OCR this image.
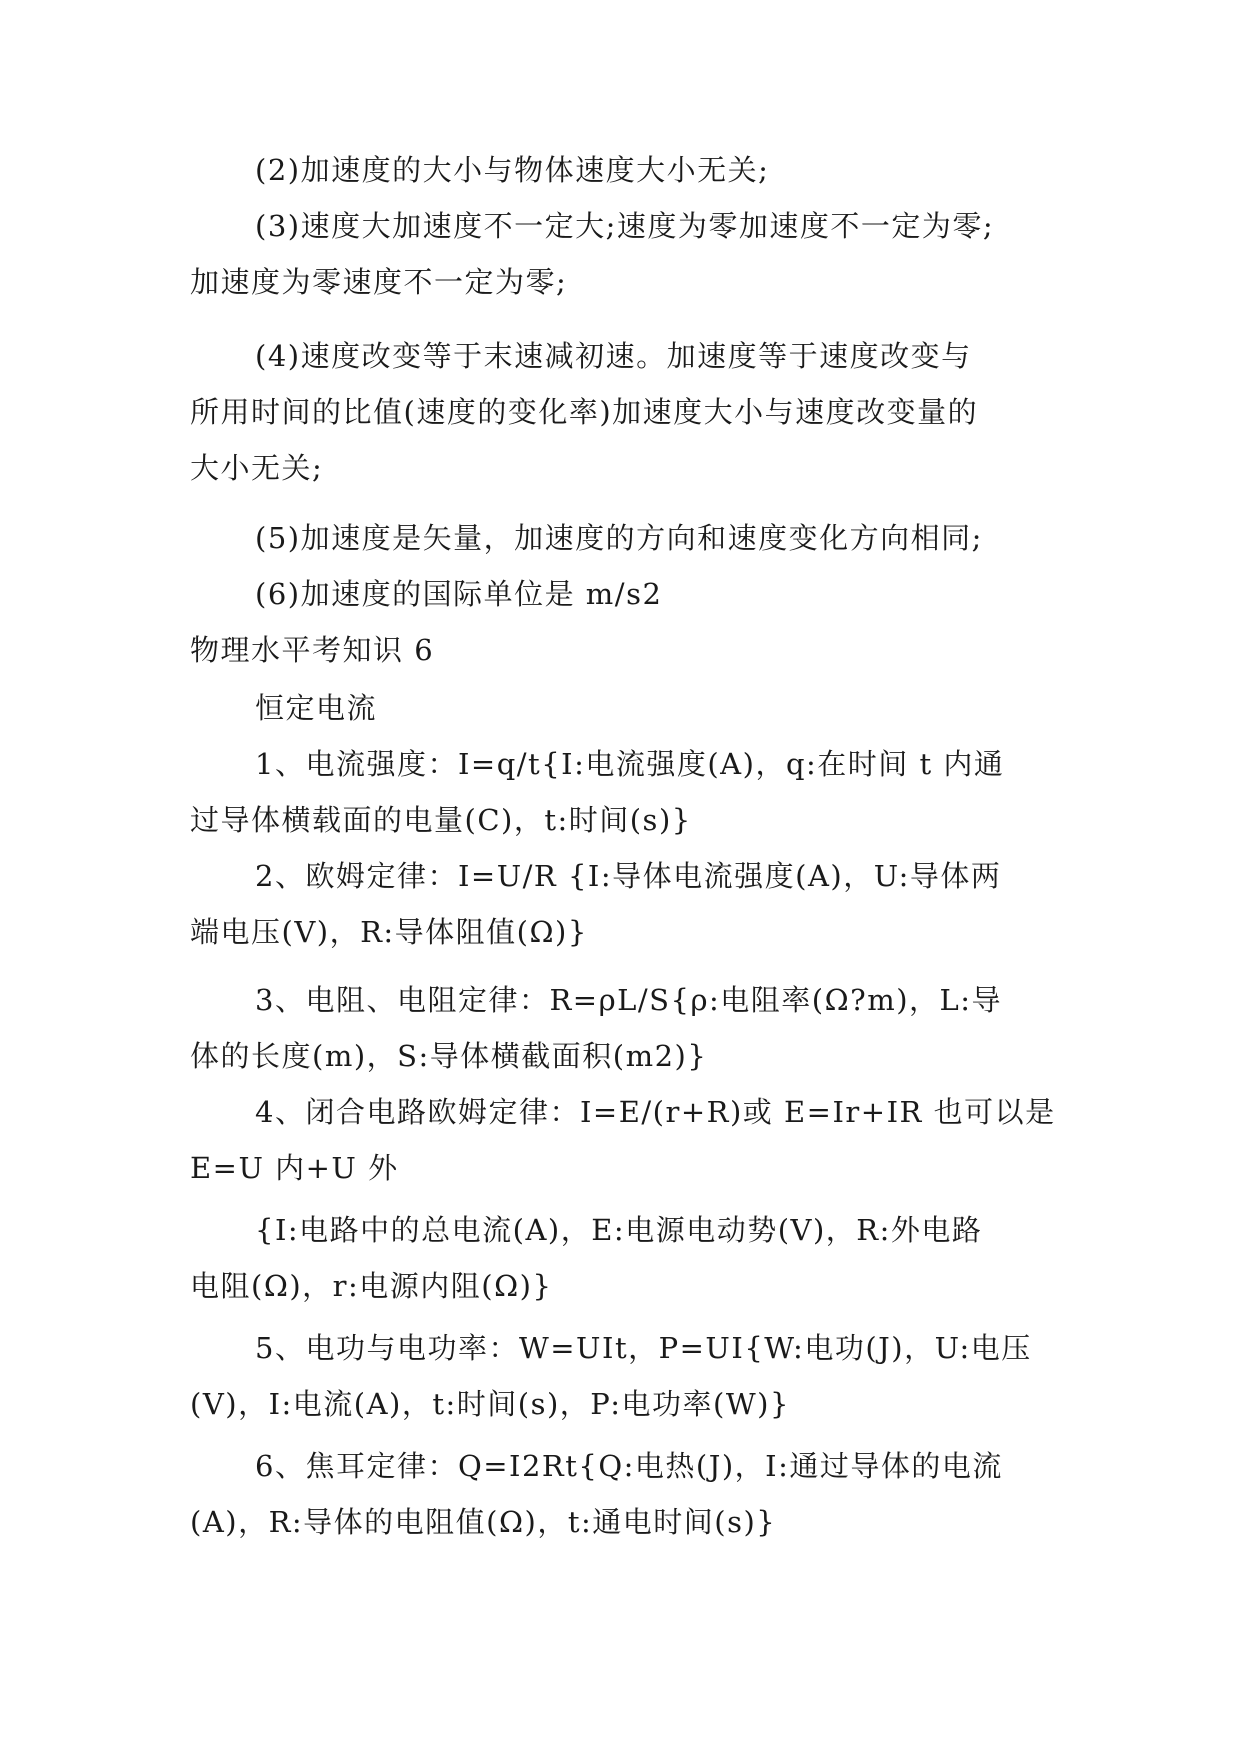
(2)加速度的大小与物体速度大小无关;
(3)速度大加速度不一定大;速度为零加速度不一定为零;
加速度为零速度不一定为零;
(4)速度改变等于末速减初速。加速度等于速度改变与
所用时间的比值(速度的变化率)加速度大小与速度改变量的
大小无关;
(5)加速度是矢量，加速度的方向和速度变化方向相同;
(6)加速度的国际单位是 m/s2
物理水平考知识 6
恒定电流
1、电流强度：I=q/t{I:电流强度(A)，q:在时间 t 内通
过导体横载面的电量(C)，t:时间(s)}
2、欧姆定律：I=U/R {I:导体电流强度(A)，U:导体两
端电压(V)，R:导体阻值(Ω)}
3、电阻、电阻定律：R=ρL/S{ρ:电阻率(Ω?m)，L:导
体的长度(m)，S:导体横截面积(m2)}
4、闭合电路欧姆定律：I=E/(r+R)或 E=Ir+IR 也可以是
E=U 内+U 外
{I:电路中的总电流(A)，E:电源电动势(V)，R:外电路
电阻(Ω)，r:电源内阻(Ω)}
5、电功与电功率：W=UIt，P=UI{W:电功(J)，U:电压
(V)，I:电流(A)，t:时间(s)，P:电功率(W)}
6、焦耳定律：Q=I2Rt{Q:电热(J)，I:通过导体的电流
(A)，R:导体的电阻值(Ω)，t:通电时间(s)}
